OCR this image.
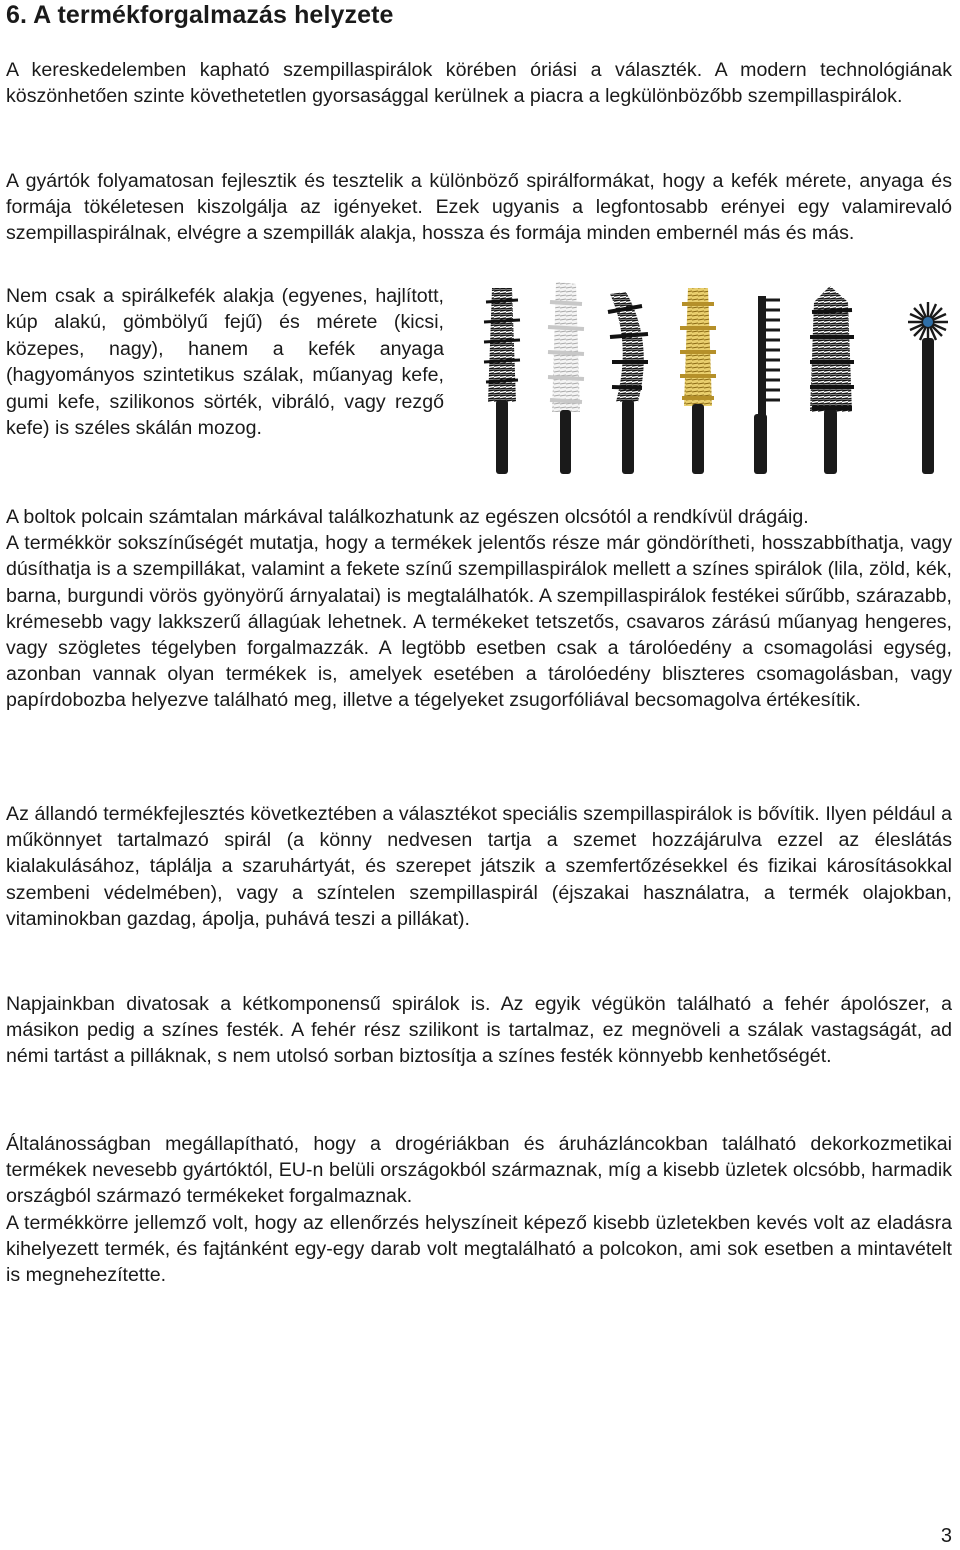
6. A termékforgalmazás helyzete

A kereskedelemben kapható szempillaspirálok körében óriási a választék. A modern technológiának köszönhetően szinte követhetetlen gyorsasággal kerülnek a piacra a legkülönbözőbb szempillaspirálok.

A gyártók folyamatosan fejlesztik és tesztelik a különböző spirálformákat, hogy a kefék mérete, anyaga és formája tökéletesen kiszolgálja az igényeket. Ezek ugyanis a legfontosabb erényei egy valamirevaló szempillaspirálnak, elvégre a szempillák alakja, hossza és formája minden embernél más és más.

Nem csak a spirálkefék alakja (egyenes, hajlított, kúp alakú, gömbölyű fejű) és mérete (kicsi, közepes, nagy), hanem a kefék anyaga (hagyományos szintetikus szálak, műanyag kefe, gumi kefe, szilikonos sörték, vibráló, vagy rezgő kefe) is széles skálán mozog.

A boltok polcain számtalan márkával találkozhatunk az egészen olcsótól a rendkívül drágáig.
A termékkör sokszínűségét mutatja, hogy a termékek jelentős része már göndörítheti, hosszabbíthatja, vagy dúsíthatja is a szempillákat, valamint a fekete színű szempillaspirálok mellett a színes spirálok (lila, zöld, kék, barna, burgundi vörös gyönyörű árnyalatai) is megtalálhatók. A szempillaspirálok festékei sűrűbb, szárazabb, krémesebb vagy lakkszerű állagúak lehetnek. A termékeket tetszetős, csavaros zárású műanyag hengeres, vagy szögletes tégelyben forgalmazzák. A legtöbb esetben csak a tárolóedény a csomagolási egység, azonban vannak olyan termékek is, amelyek esetében a tárolóedény bliszteres csomagolásban, vagy papírdobozba helyezve található meg, illetve a tégelyeket zsugorfóliával becsomagolva értékesítik.

Az állandó termékfejlesztés következtében a választékot speciális szempillaspirálok is bővítik. Ilyen például a műkönnyet tartalmazó spirál (a könny nedvesen tartja a szemet hozzájárulva ezzel az éleslátás kialakulásához, táplálja a szaruhártyát, és szerepet játszik a szemfertőzésekkel és fizikai károsításokkal szembeni védelmében), vagy a színtelen szempillaspirál (éjszakai használatra, a termék olajokban, vitaminokban gazdag, ápolja, puhává teszi a pillákat).

Napjainkban divatosak a kétkomponensű spirálok is. Az egyik végükön található a fehér ápolószer, a másikon pedig a színes festék. A fehér rész szilikont is tartalmaz, ez megnöveli a szálak vastagságát, ad némi tartást a pilláknak, s nem utolsó sorban biztosítja a színes festék könnyebb kenhetőségét.

Általánosságban megállapítható, hogy a drogériákban és áruházláncokban található dekorkozmetikai termékek nevesebb gyártóktól, EU-n belüli országokból származnak, míg a kisebb üzletek olcsóbb, harmadik országból származó termékeket forgalmaznak.
A termékkörre jellemző volt, hogy az ellenőrzés helyszíneit képező kisebb üzletekben kevés volt az eladásra kihelyezett termék, és fajtánként egy-egy darab volt megtalálható a polcokon, ami sok esetben a mintavételt is megnehezítette.
3
